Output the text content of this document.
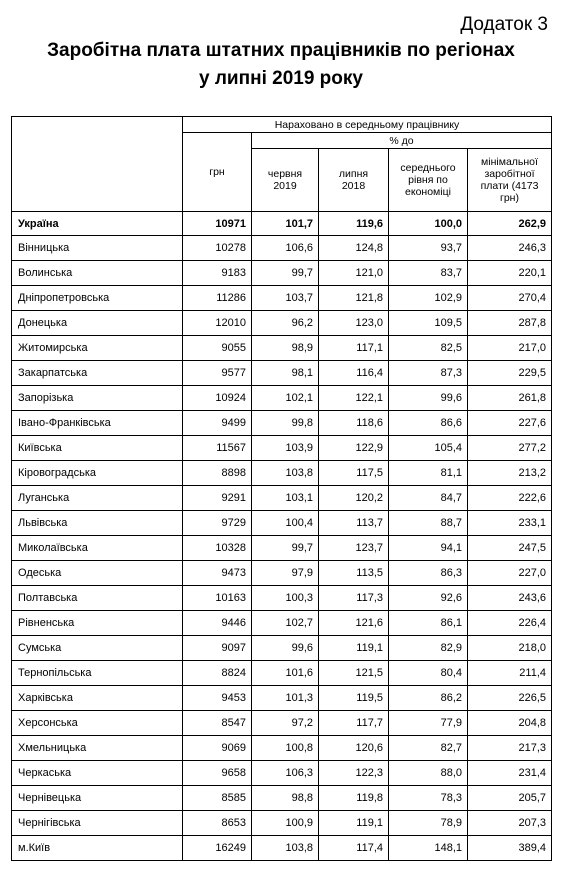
Додаток 3
Заробітна плата штатних працівників по регіонах
у липні 2019 року
	Нараховано в середньому працівнику				
	грн	% до			

		червня 2019	липня 2018	середнього рівня по економіці	мінімальної заробітної плати (4173 грн)

Україна	10971	101,7	119,6	100,0	262,9
Вінницька	10278	106,6	124,8	93,7	246,3
Волинська	9183	99,7	121,0	83,7	220,1
Дніпропетровська	11286	103,7	121,8	102,9	270,4
Донецька	12010	96,2	123,0	109,5	287,8
Житомирська	9055	98,9	117,1	82,5	217,0
Закарпатська	9577	98,1	116,4	87,3	229,5
Запорізька	10924	102,1	122,1	99,6	261,8
Івано-Франківська	9499	99,8	118,6	86,6	227,6
Київська	11567	103,9	122,9	105,4	277,2
Кіровоградська	8898	103,8	117,5	81,1	213,2
Луганська	9291	103,1	120,2	84,7	222,6
Львівська	9729	100,4	113,7	88,7	233,1
Миколаївська	10328	99,7	123,7	94,1	247,5
Одеська	9473	97,9	113,5	86,3	227,0
Полтавська	10163	100,3	117,3	92,6	243,6
Рівненська	9446	102,7	121,6	86,1	226,4
Сумська	9097	99,6	119,1	82,9	218,0
Тернопільська	8824	101,6	121,5	80,4	211,4
Харківська	9453	101,3	119,5	86,2	226,5
Херсонська	8547	97,2	117,7	77,9	204,8
Хмельницька	9069	100,8	120,6	82,7	217,3
Черкаська	9658	106,3	122,3	88,0	231,4
Чернівецька	8585	98,8	119,8	78,3	205,7
Чернігівська	8653	100,9	119,1	78,9	207,3
м.Київ	16249	103,8	117,4	148,1	389,4
